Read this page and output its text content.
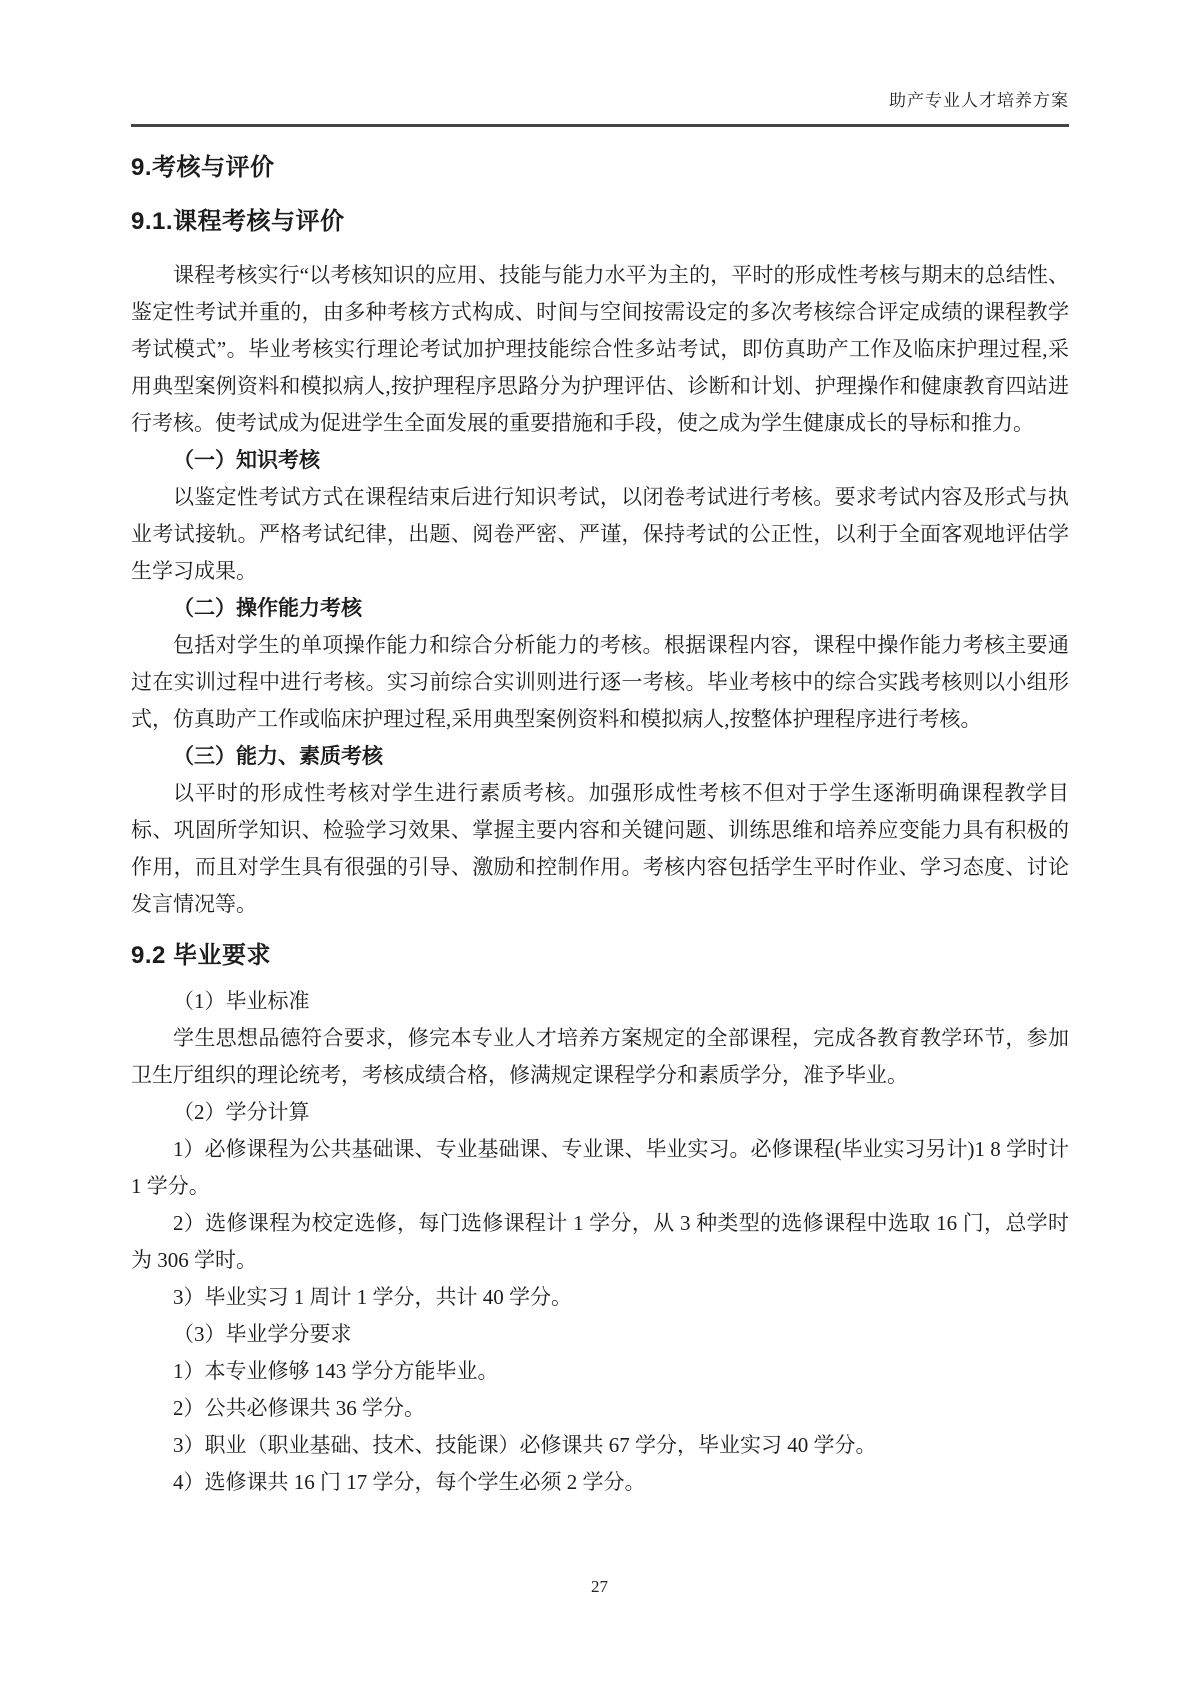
助产专业人才培养方案
9.考核与评价
9.1.课程考核与评价

课程考核实行“以考核知识的应用、技能与能力水平为主的，平时的形成性考核与期末的总结性、鉴定性考试并重的，由多种考核方式构成、时间与空间按需设定的多次考核综合评定成绩的课程教学考试模式”。毕业考核实行理论考试加护理技能综合性多站考试，即仿真助产工作及临床护理过程,采用典型案例资料和模拟病人,按护理程序思路分为护理评估、诊断和计划、护理操作和健康教育四站进行考核。使考试成为促进学生全面发展的重要措施和手段，使之成为学生健康成长的导标和推力。

（一）知识考核

以鉴定性考试方式在课程结束后进行知识考试，以闭卷考试进行考核。要求考试内容及形式与执业考试接轨。严格考试纪律，出题、阅卷严密、严谨，保持考试的公正性，以利于全面客观地评估学生学习成果。

（二）操作能力考核

包括对学生的单项操作能力和综合分析能力的考核。根据课程内容，课程中操作能力考核主要通过在实训过程中进行考核。实习前综合实训则进行逐一考核。毕业考核中的综合实践考核则以小组形式，仿真助产工作或临床护理过程,采用典型案例资料和模拟病人,按整体护理程序进行考核。

（三）能力、素质考核

以平时的形成性考核对学生进行素质考核。加强形成性考核不但对于学生逐渐明确课程教学目标、巩固所学知识、检验学习效果、掌握主要内容和关键问题、训练思维和培养应变能力具有积极的作用，而且对学生具有很强的引导、激励和控制作用。考核内容包括学生平时作业、学习态度、讨论发言情况等。

9.2 毕业要求

（1）毕业标准

学生思想品德符合要求，修完本专业人才培养方案规定的全部课程，完成各教育教学环节，参加卫生厅组织的理论统考，考核成绩合格，修满规定课程学分和素质学分，准予毕业。

（2）学分计算

1）必修课程为公共基础课、专业基础课、专业课、毕业实习。必修课程(毕业实习另计)1 8 学时计 1 学分。

2）选修课程为校定选修，每门选修课程计 1 学分，从 3 种类型的选修课程中选取 16 门，总学时为 306 学时。

3）毕业实习 1 周计 1 学分，共计 40 学分。

（3）毕业学分要求

1）本专业修够 143 学分方能毕业。

2）公共必修课共 36 学分。

3）职业（职业基础、技术、技能课）必修课共 67 学分，毕业实习 40 学分。

4）选修课共 16 门 17 学分，每个学生必须 2 学分。

27
